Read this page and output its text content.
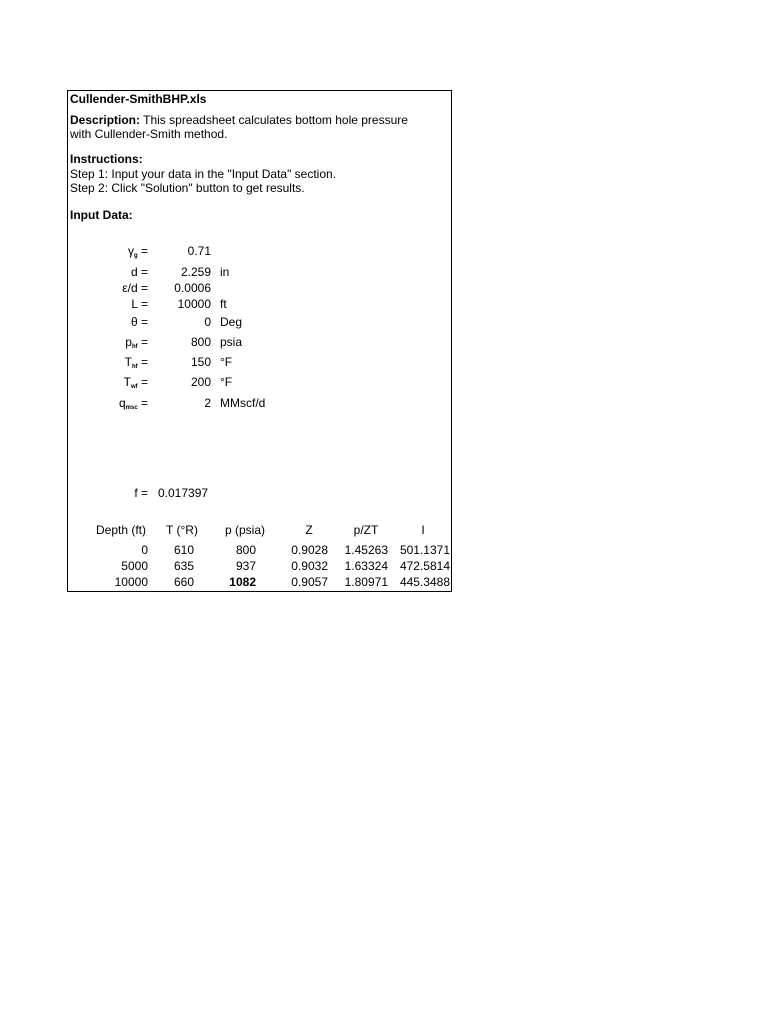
Cullender-SmithBHP.xls
Description: This spreadsheet calculates bottom hole pressure
with Cullender-Smith method.
Instructions:
Step 1: Input your data in the "Input Data" section.
Step 2: Click "Solution" button to get results.
Input Data:
$\gamma_g$ =	0.71
d =	2.259 in
ε/d =	0.0006
L =	10000 ft
θ =	0 Deg
$p_{hf}$ =	800 psia
$T_{hf}$ =	150 °F
$T_{wf}$ =	200 °F
$q_{msc}$ =	2 MMscf/d
f = 0.017397
Depth (ft)	T (°R)	p (psia)	Z	p/ZT	I
0	610	800	0.9028	1.45263 501.1371
5000	635	937	0.9032	1.63324 472.5814
10000	660	1082	0.9057	1.80971 445.3488
